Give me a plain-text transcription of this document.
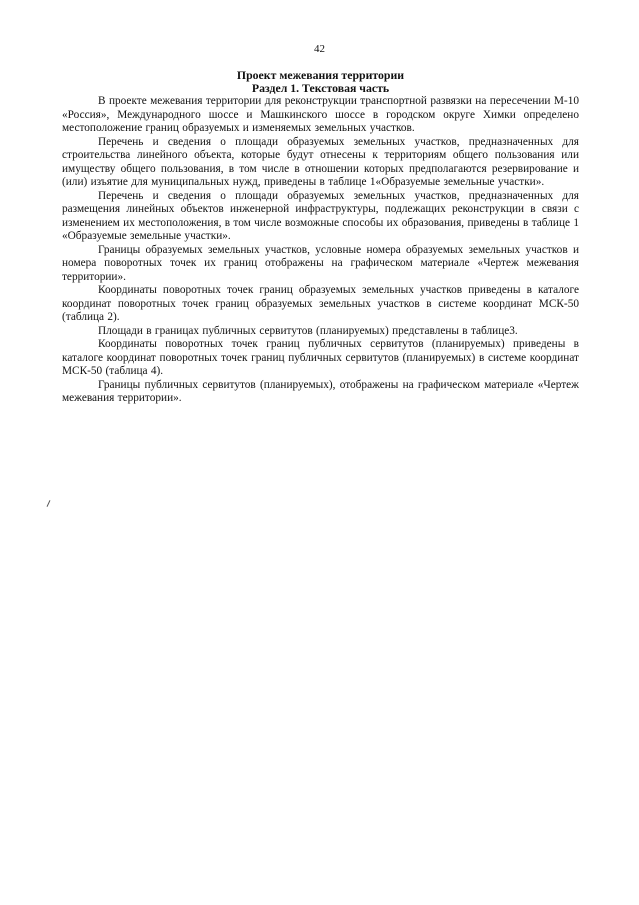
42

Проект межевания территории

Раздел 1. Текстовая часть

В проекте межевания территории для реконструкции транспортной развязки на пересечении М-10 «Россия», Международного шоссе и Машкинского шоссе в городском округе Химки определено местоположение границ образуемых и изменяемых земельных участков.

Перечень и сведения о площади образуемых земельных участков, предназначенных для строительства линейного объекта, которые будут отнесены к территориям общего пользования или имуществу общего пользования, в том числе в отношении которых предполагаются резервирование и (или) изъятие для муниципальных нужд, приведены в таблице 1«Образуемые земельные участки».

Перечень и сведения о площади образуемых земельных участков, предназначенных для размещения линейных объектов инженерной инфраструктуры, подлежащих реконструкции в связи с изменением их местоположения, в том числе возможные способы их образования, приведены в таблице 1 «Образуемые земельные участки».

Границы образуемых земельных участков, условные номера образуемых земельных участков и номера поворотных точек их границ отображены на графическом материале «Чертеж межевания территории».

Координаты поворотных точек границ образуемых земельных участков приведены в каталоге координат поворотных точек границ образуемых земельных участков в системе координат МСК-50 (таблица 2).

Площади в границах публичных сервитутов (планируемых) представлены в таблице3.

Координаты поворотных точек границ публичных сервитутов (планируемых) приведены в каталоге координат поворотных точек границ публичных сервитутов (планируемых) в системе координат МСК-50 (таблица 4).

Границы публичных сервитутов (планируемых), отображены на графическом материале «Чертеж межевания территории».
